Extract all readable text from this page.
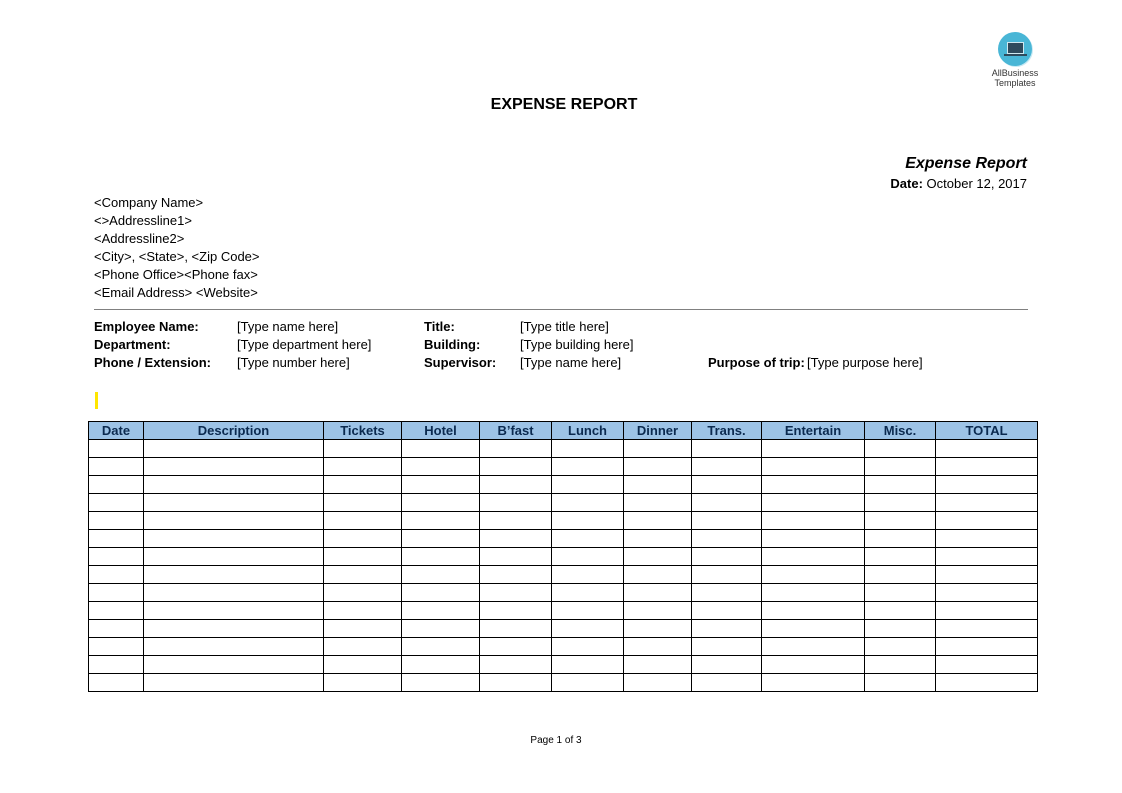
AllBusiness
Templates
EXPENSE REPORT
Expense Report
Date: October 12, 2017
<Company Name>
<>Addressline1>
<Addressline2>
<City>, <State>, <Zip Code>
<Phone Office><Phone fax>
<Email Address> <Website>
Employee Name:	[Type name here]	Title:	[Type title here]
Department:	[Type department here]	Building:	[Type building here]
Phone / Extension: [Type number here]	Supervisor: [Type name here]	Purpose of trip: [Type purpose here]
Date	Description	Tickets	Hotel	B’fast	Lunch	Dinner	Trans.	Entertain	Misc.	TOTAL

Page 1 of 3
